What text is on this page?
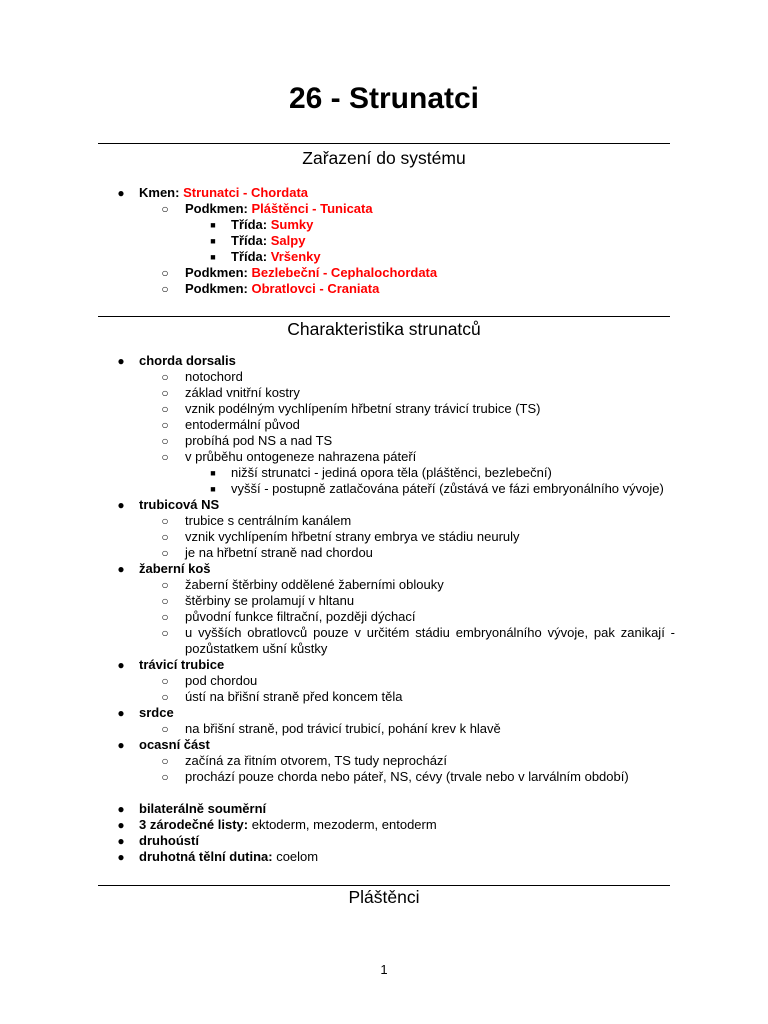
26 - Strunatci
Zařazení do systému
● Kmen: Strunatci - Chordata
○ Podkmen: Pláštěnci - Tunicata
■	Třída: Sumky
■	Třída: Salpy
■	Třída: Vršenky
○ Podkmen: Bezlebeční - Cephalochordata
○ Podkmen: Obratlovci - Craniata
Charakteristika strunatců
● chorda dorsalis
○ notochord
○ základ vnitřní kostry
○ vznik podélným vychlípením hřbetní strany trávicí trubice (TS)
○ entodermální původ
○ probíhá pod NS a nad TS
○ v průběhu ontogeneze nahrazena páteří
■	nižší strunatci - jediná opora těla (pláštěnci, bezlebeční)
■	vyšší - postupně zatlačována páteří (zůstává ve fázi embryonálního vývoje)
● trubicová NS
○ trubice s centrálním kanálem
○ vznik vychlípením hřbetní strany embrya ve stádiu neuruly
○ je na hřbetní straně nad chordou
● žaberní koš
○ žaberní štěrbiny oddělené žaberními oblouky
○ štěrbiny se prolamují v hltanu
○ původní funkce filtrační, později dýchací
○ u vyšších obratlovců pouze v určitém stádiu embryonálního vývoje, pak zanikají - pozůstatkem ušní kůstky
● trávicí trubice
○ pod chordou
○ ústí na břišní straně před koncem těla
● srdce
○ na břišní straně, pod trávicí trubicí, pohání krev k hlavě
● ocasní část
○ začíná za řitním otvorem, TS tudy neprochází
○ prochází pouze chorda nebo páteř, NS, cévy (trvale nebo v larválním období)
● bilaterálně souměrní
● 3 zárodečné listy: ektoderm, mezoderm, entoderm
● druhoústí
● druhotná tělní dutina: coelom
Pláštěnci
1
